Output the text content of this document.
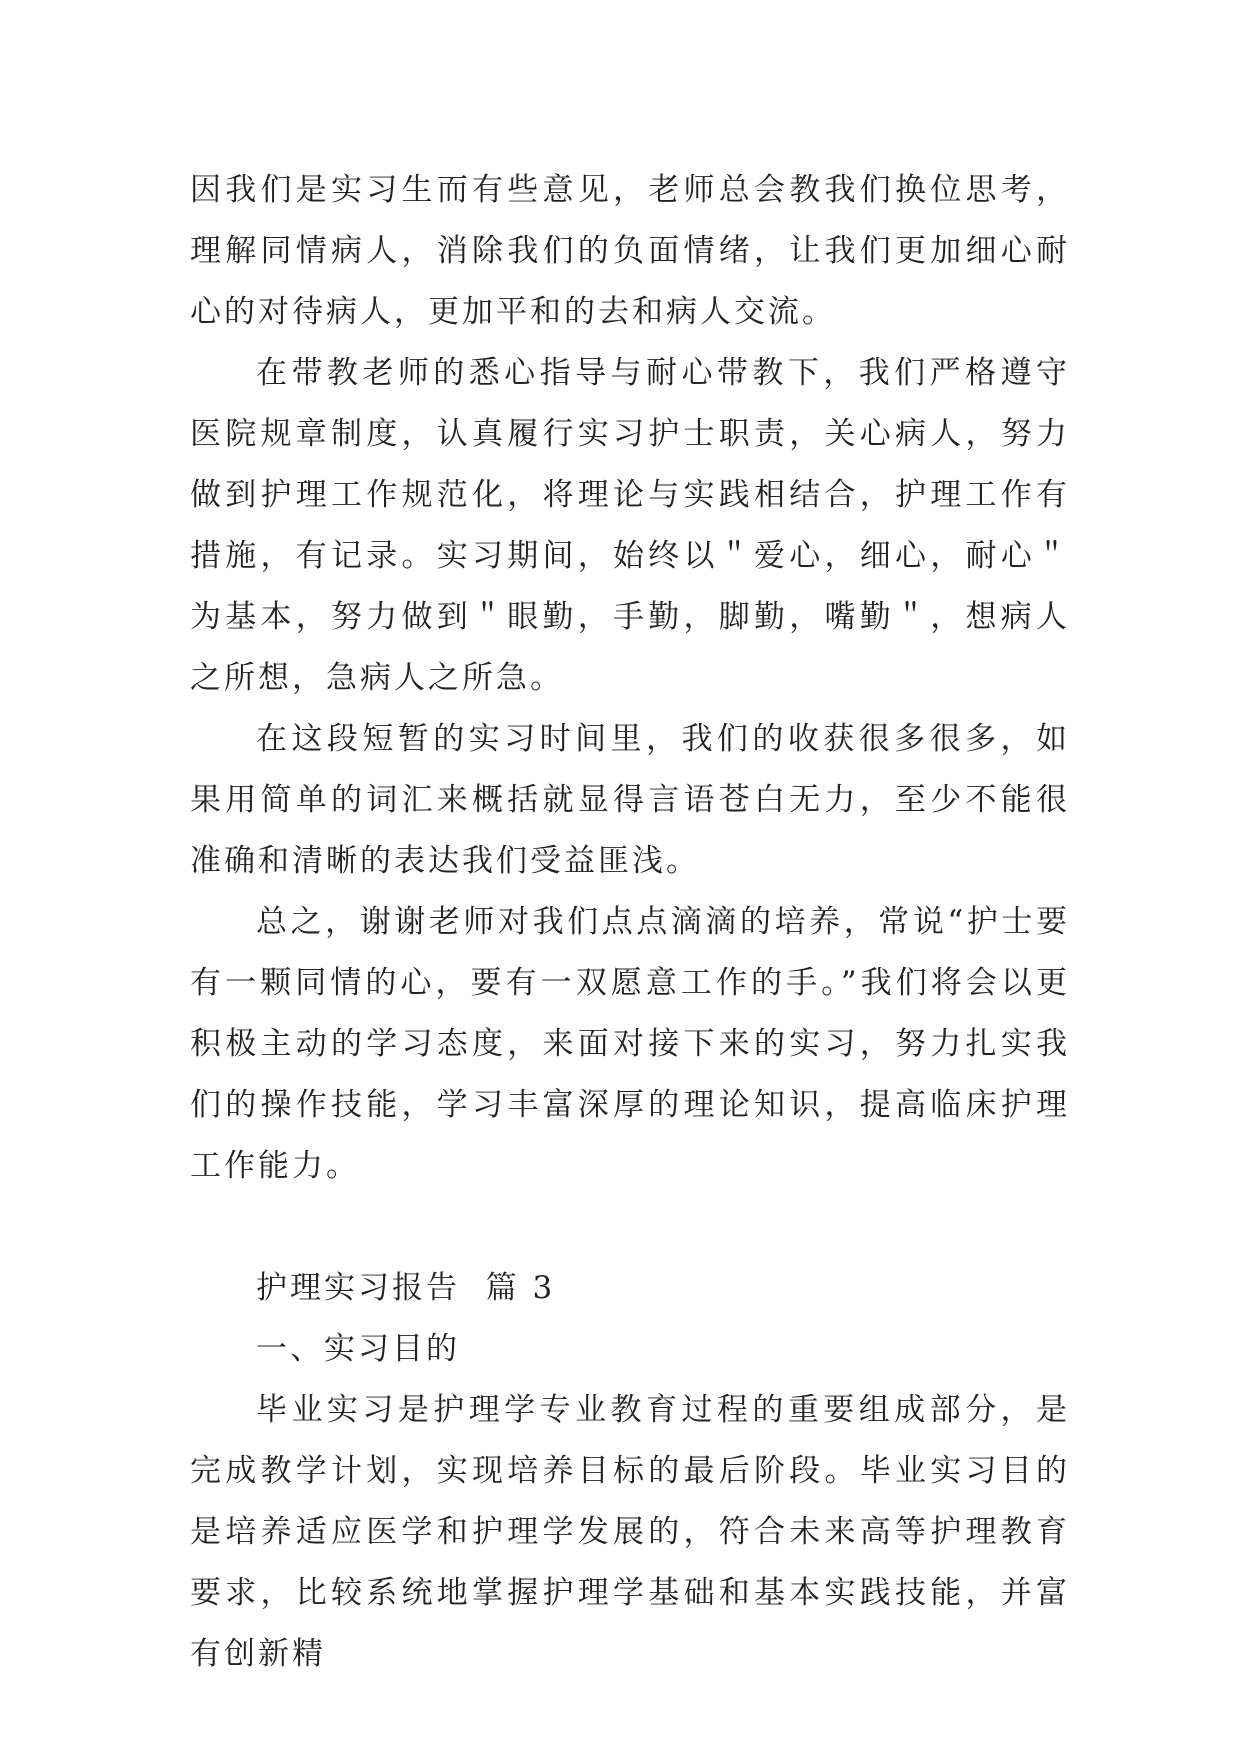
因我们是实习生而有些意见，老师总会教我们换位思考，理解同情病人，消除我们的负面情绪，让我们更加细心耐心的对待病人，更加平和的去和病人交流。

在带教老师的悉心指导与耐心带教下，我们严格遵守医院规章制度，认真履行实习护士职责，关心病人，努力做到护理工作规范化，将理论与实践相结合，护理工作有措施，有记录。实习期间，始终以＂爱心，细心，耐心＂为基本，努力做到＂眼勤，手勤，脚勤，嘴勤＂，想病人之所想，急病人之所急。

在这段短暂的实习时间里，我们的收获很多很多，如果用简单的词汇来概括就显得言语苍白无力，至少不能很准确和清晰的表达我们受益匪浅。

总之，谢谢老师对我们点点滴滴的培养，常说“护士要有一颗同情的心，要有一双愿意工作的手。”我们将会以更积极主动的学习态度，来面对接下来的实习，努力扎实我们的操作技能，学习丰富深厚的理论知识，提高临床护理工作能力。

护理实习报告  篇 3

一、实习目的

毕业实习是护理学专业教育过程的重要组成部分，是完成教学计划，实现培养目标的最后阶段。毕业实习目的是培养适应医学和护理学发展的，符合未来高等护理教育要求，比较系统地掌握护理学基础和基本实践技能，并富有创新精
